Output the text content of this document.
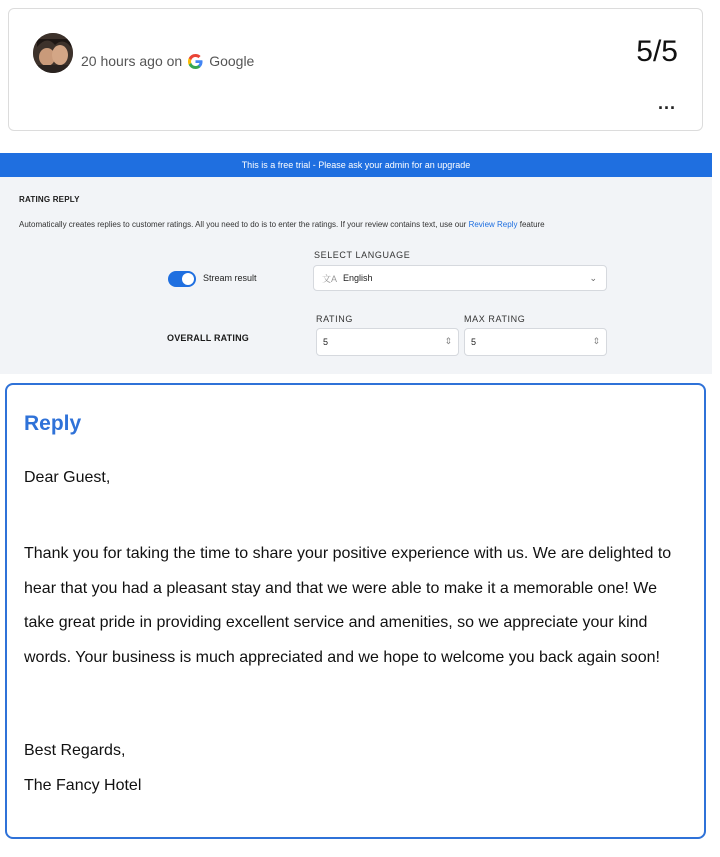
20 hours ago on Google	5/5
...
This is a free trial - Please ask your admin for an upgrade
RATING REPLY
Automatically creates replies to customer ratings. All you need to do is to enter the ratings. If your review contains text, use our Review Reply feature
Stream result
SELECT LANGUAGE
文A English	⌄
OVERALL RATING
RATING
5	⇕
MAX RATING
5	⇕
Reply
Dear Guest,
Thank you for taking the time to share your positive experience with us. We are delighted to hear that you had a pleasant stay and that we were able to make it a memorable one! We take great pride in providing excellent service and amenities, so we appreciate your kind words. Your business is much appreciated and we hope to welcome you back again soon!
Best Regards,
The Fancy Hotel
